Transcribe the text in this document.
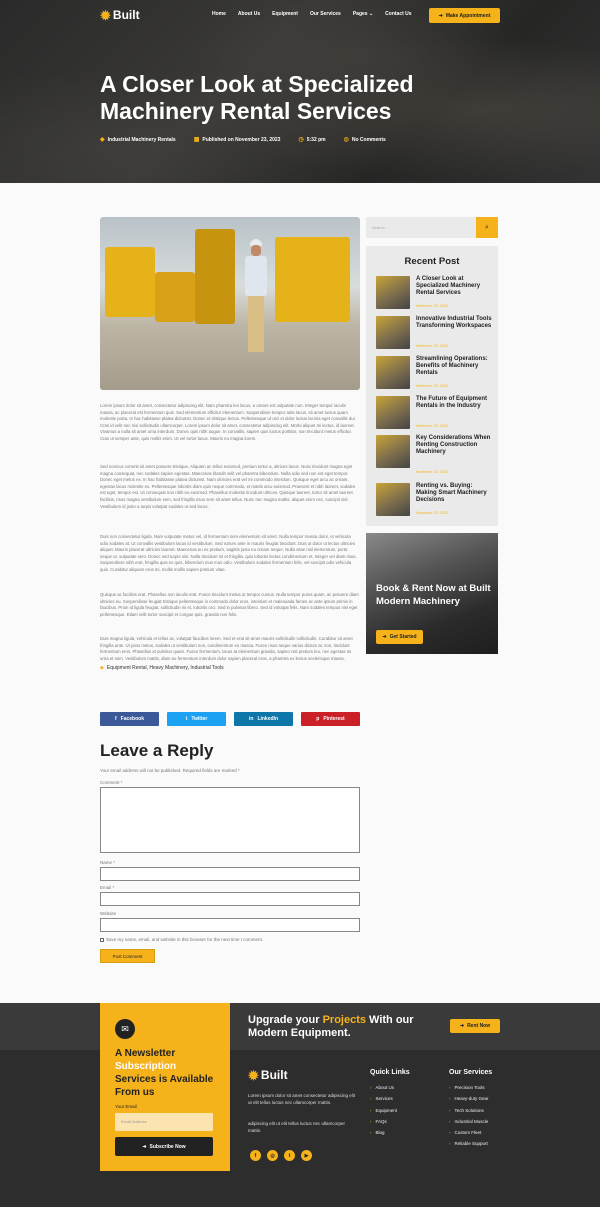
✹ Built	Home About Us Equipment Our Services Pages ⌄ Contact Us	➜ Make Appointment
A Closer Look at Specialized Machinery Rental Services
◆ Industrial Machinery Rentals	▦ Published on November 23, 2023	◷ 5:32 pm	◎ No Comments

Lorem ipsum dolor sit amet, consectetur adipiscing elit. Nam pharetra leo lacus, a ornare est vulputate non. Integer tempor iaculis massa, ac placerat est fermentum quis. Sed elementum efficitur elementum. Suspendisse tempor ante lacus, sit amet luctus quam molestie porta. In hac habitasse platea dictumst. Donec et tristique lectus. Pellentesque ut orci et dolor luctus lacinia eget convallis dui. Cras id velit nec nisi sollicitudin ullamcorper. Lorem ipsum dolor sit amet, consectetur adipiscing elit. Morbi aliquet mi lectus, id laoreet. Vivamus a nulla sit amet urna interdum. Donec quis nibh augue. In convallis, sapien quis luctus porttitor, non tincidunt metus efficitur. Cras ut semper ante, quis mollis enim. Ut vel tortor lacus. Mauris eu magna lorem.

Sed nonicus commit sit amet posuere tristique. Aliquam ac tellus euismod, pretium tortor a, ultrices lacus. Nunc tincidunt magna eget magna consequat, nec sodales sapien egestas. Maecenas blandit velit vel pharetra bibendum. Nulla odio sed non est eget tempor. Donec eget metus ex. In hac habitasse platea dictumst. Nam ultricies erat vel mi commodo interdum. Quisque eget arcu ac ornare, egestas lacus molestie ex. Pellentesque lobortis diam quis neque commodo, et mattis arcu euismod. Praesent et nibh laoreet, sodales est eget, tempor est. Ut consequat non nibh eu euismod. Phasellus molestie tincidunt ultrices. Quisque laoreet, tortor sit amet laoreet facilisis, risus magna vestibulum sem, sed fringilla risus sem sit amet tellus. Nunc nec magna mattis, aliquet enim nec, suscipit nisl. Vestibulum id justo a turpis volutpat sodales ut sed lacus.

Duis non consectetur ligula. Nam vulputate metus vel, id fermentum sem elementum sit amet. Nulla tempor massa dolor, et vehicula odio sodales at. Ut convallis vestibulum lacus id vestibulum. Sed rutrum ante in mauris feugiat tincidunt. Duis ut dolor ut lectus ultricies aliquet. Mauris placerat ultricies laoreet. Maecenas eu ex pretium, sagittis justo eu ornare neque. Nulla vitae nisl elementum, porta neque ut, vulputate sem. Donec sed turpis nisi. Nulla tincidunt mi et fringilla, quis lobortis lectus condimentum et. Integer vel diam risus. Suspendisse nibh erat, fringilla quis ex quis, bibendum mus mus odio. Vestibulum sodales fermentum felis, vel suscipit odio vehicula quis. Curabitur aliquam eros mi, mollis mollis sapien pretium vitae.

Quisque ac facilisis erat. Phasellus non iaculis erat. Fusce tincidunt metus ut tempor cursus. Nulla tempor purus quam, ac posuere diam ultricies eu. Suspendisse feugiat tristique pellentesque in commodo dolor eros, interdum et malesuada fames ac ante ipsum primis in faucibus. Proin id ligula feugiat, sollicitudin mi et, lobortis orci. Sed in pulvinar libero. Sed id volutpat felis. Nam sodales tempus nisl eget pellentesque. Etiam velit tortor suscipit et congue quis, gravida non felis.

Duis magna ligula, vehicula et tellus ac, volutpat faucibus lorem. Sed et erat sit amet mauris sollicitudin sollicitudin. Curabitur sit amet fringilla ante. Ut justo metus, sodales ut vestibulum non, condimentum eu massa. Fusce risus neque varius dictum ac non, tincidunt fermentum eros. Phasellus at pulvinar quam. Fusce fermentum, lacus at elementum gravida, sapien nisl pretium leo, nec egestas mi urna et sem. Vestibulum mattis, diam eu fermentum interdum dolor sapien placerat eros, a pharetra ex lectus scelerisque massa.

◆ Equipment Rental, Heavy Machinery, Industrial Tools
f Facebook	t Twitter	in LinkedIn	p Pinterest
Leave a Reply
Your email address will not be published. Required fields are marked *
Comment *
Name *
Email *
Website
Save my name, email, and website in this browser for the next time I comment.
Post Comment
Search ...	⌕
Recent Post
A Closer Look at Specialized Machinery Rental Services
November 23, 2023
Innovative Industrial Tools Transforming Workspaces
November 23, 2023
Streamlining Operations: Benefits of Machinery Rentals
November 23, 2023
The Future of Equipment Rentals in the Industry
November 23, 2023
Key Considerations When Renting Construction Machinery
November 23, 2023
Renting vs. Buying: Making Smart Machinery Decisions
November 23, 2023
Book & Rent Now at Built Modern Machinery
➜ Get Started
Upgrade your Projects With our Modern Equipment.
➜ Rent Now
✉
A Newsletter Subscription Services is Available From us
Your Email
Email Address
➜ Subscribe Now
✹ Built

Lorem ipsum dolor sit amet consectetur adipiscing elit ut elit tellus luctus nec ullamcorper mattis.

adipiscing elit ut elit tellus luctus nec ullamcorper mattis.

f	◎	t	▶
Quick Links
› About Us
› Services
› Equipment
› FAQs
› Blog
Our Services
› Precision Tools
› Heavy-duty Gear
› Tech Solutions
› Industrial Muscle
› Custom Fleet
› Reliable Support
